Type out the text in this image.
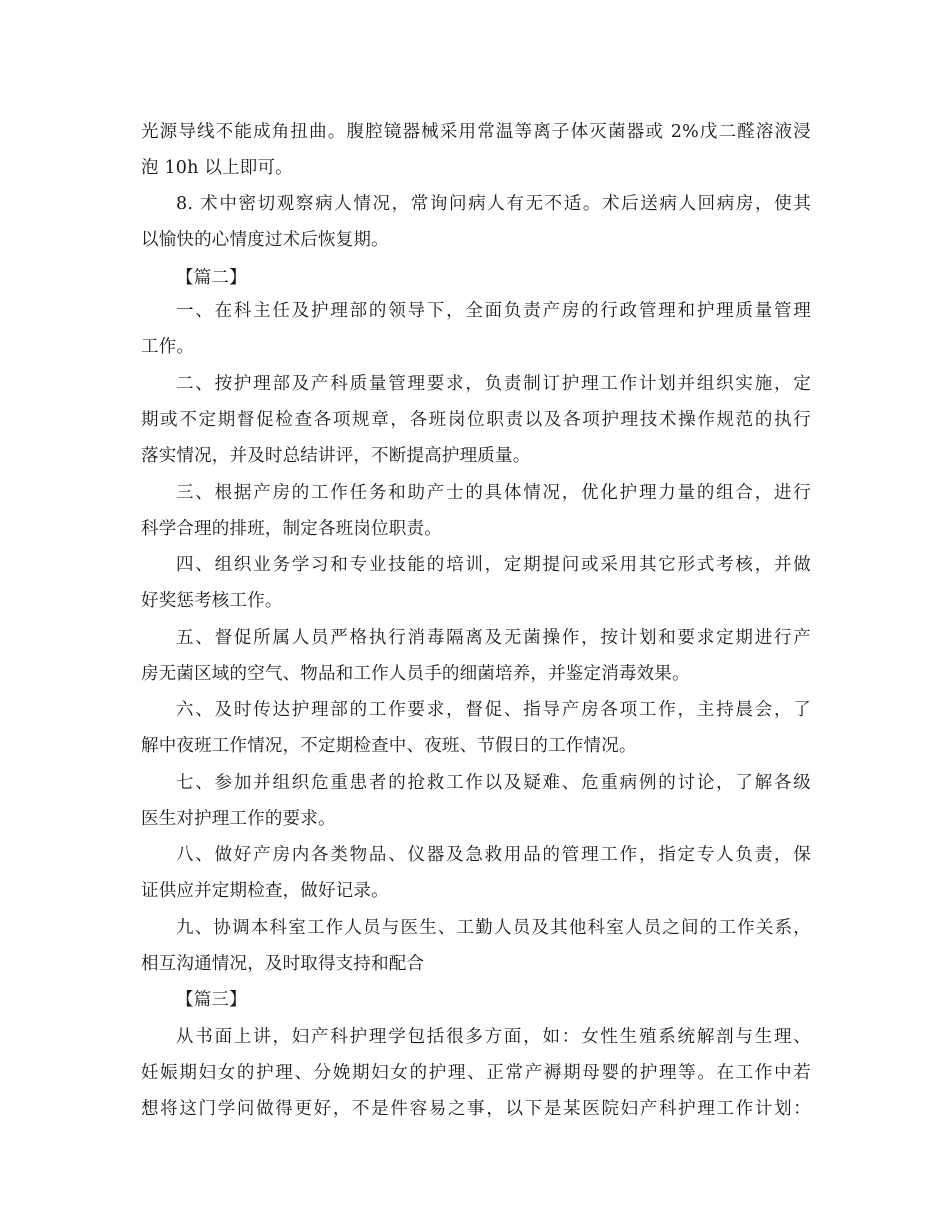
光源导线不能成角扭曲。腹腔镜器械采用常温等离子体灭菌器或 2%戊二醛溶液浸
泡 10h 以上即可。
8. 术中密切观察病人情况，常询问病人有无不适。术后送病人回病房，使其
以愉快的心情度过术后恢复期。
【篇二】
一、在科主任及护理部的领导下，全面负责产房的行政管理和护理质量管理
工作。
二、按护理部及产科质量管理要求，负责制订护理工作计划并组织实施，定
期或不定期督促检查各项规章，各班岗位职责以及各项护理技术操作规范的执行
落实情况，并及时总结讲评，不断提高护理质量。
三、根据产房的工作任务和助产士的具体情况，优化护理力量的组合，进行
科学合理的排班，制定各班岗位职责。
四、组织业务学习和专业技能的培训，定期提问或采用其它形式考核，并做
好奖惩考核工作。
五、督促所属人员严格执行消毒隔离及无菌操作，按计划和要求定期进行产
房无菌区域的空气、物品和工作人员手的细菌培养，并鉴定消毒效果。
六、及时传达护理部的工作要求，督促、指导产房各项工作，主持晨会，了
解中夜班工作情况，不定期检查中、夜班、节假日的工作情况。
七、参加并组织危重患者的抢救工作以及疑难、危重病例的讨论，了解各级
医生对护理工作的要求。
八、做好产房内各类物品、仪器及急救用品的管理工作，指定专人负责，保
证供应并定期检查，做好记录。
九、协调本科室工作人员与医生、工勤人员及其他科室人员之间的工作关系，
相互沟通情况，及时取得支持和配合
【篇三】
从书面上讲，妇产科护理学包括很多方面，如：女性生殖系统解剖与生理、
妊娠期妇女的护理、分娩期妇女的护理、正常产褥期母婴的护理等。在工作中若
想将这门学问做得更好，不是件容易之事，以下是某医院妇产科护理工作计划：
